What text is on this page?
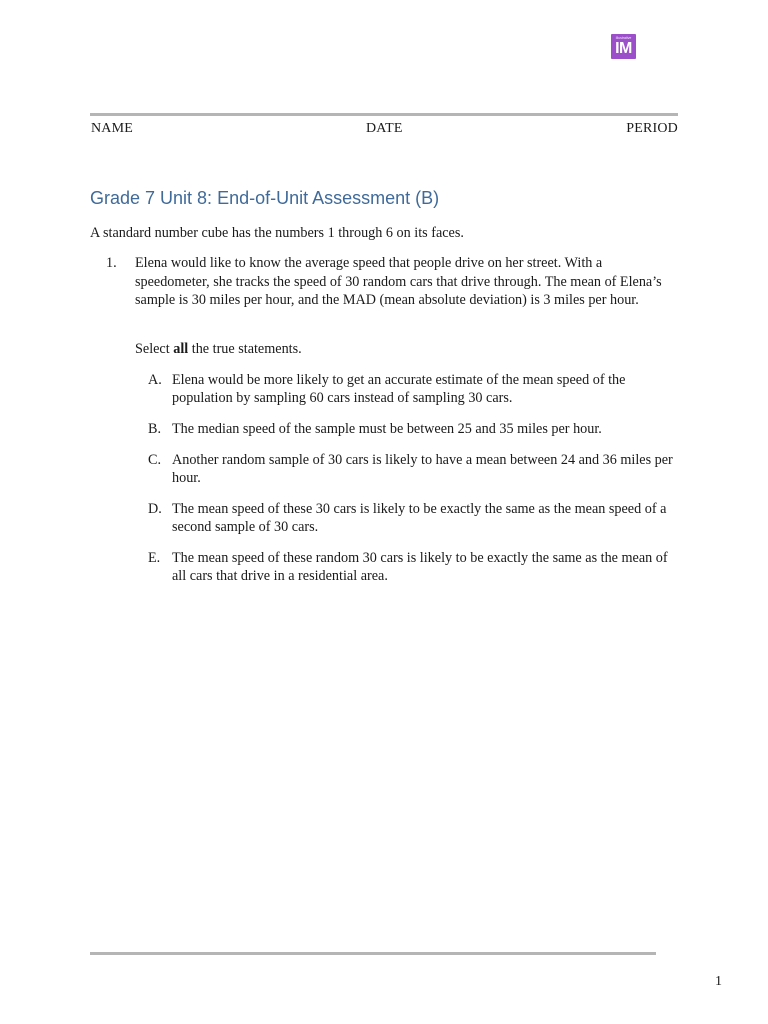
Illustrative
IM
NAME	DATE	PERIOD
Grade 7 Unit 8: End-of-Unit Assessment (B)
A standard number cube has the numbers 1 through 6 on its faces.
1. Elena would like to know the average speed that people drive on her street. With a speedometer, she tracks the speed of 30 random cars that drive through. The mean of Elena’s sample is 30 miles per hour, and the MAD (mean absolute deviation) is 3 miles per hour.
Select all the true statements.
A. Elena would be more likely to get an accurate estimate of the mean speed of the population by sampling 60 cars instead of sampling 30 cars.
B. The median speed of the sample must be between 25 and 35 miles per hour.
C. Another random sample of 30 cars is likely to have a mean between 24 and 36 miles per hour.
D. The mean speed of these 30 cars is likely to be exactly the same as the mean speed of a second sample of 30 cars.
E. The mean speed of these random 30 cars is likely to be exactly the same as the mean of all cars that drive in a residential area.
1
